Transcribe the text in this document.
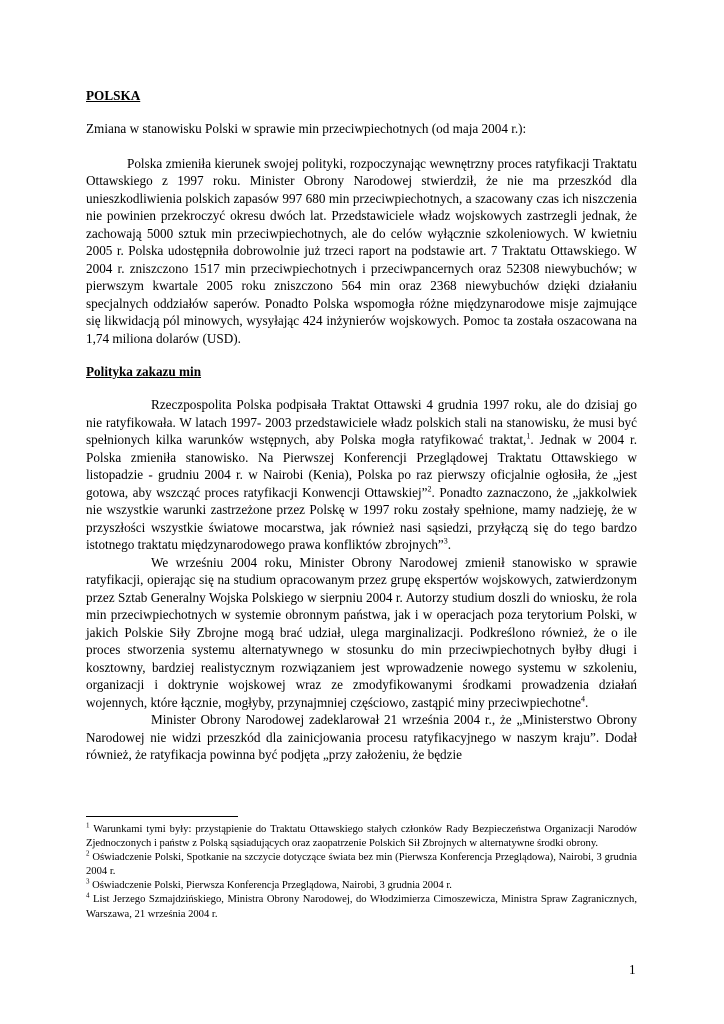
POLSKA

Zmiana w stanowisku Polski w sprawie min przeciwpiechotnych (od maja 2004 r.):

Polska zmieniła kierunek swojej polityki, rozpoczynając wewnętrzny proces ratyfikacji Traktatu Ottawskiego z 1997 roku. Minister Obrony Narodowej stwierdził, że nie ma przeszkód dla unieszkodliwienia polskich zapasów 997 680 min przeciwpiechotnych, a szacowany czas ich niszczenia nie powinien przekroczyć okresu dwóch lat. Przedstawiciele władz wojskowych zastrzegli jednak, że zachowają 5000 sztuk min przeciwpiechotnych, ale do celów wyłącznie szkoleniowych. W kwietniu 2005 r. Polska udostępniła dobrowolnie już trzeci raport na podstawie art. 7 Traktatu Ottawskiego. W 2004 r. zniszczono 1517 min przeciwpiechotnych i przeciwpancernych oraz 52308 niewybuchów; w pierwszym kwartale 2005 roku zniszczono 564 min oraz 2368 niewybuchów dzięki działaniu specjalnych oddziałów saperów. Ponadto Polska wspomogła różne międzynarodowe misje zajmujące się likwidacją pól minowych, wysyłając 424 inżynierów wojskowych. Pomoc ta została oszacowana na 1,74 miliona dolarów (USD).

Polityka zakazu min

Rzeczpospolita Polska podpisała Traktat Ottawski 4 grudnia 1997 roku, ale do dzisiaj go nie ratyfikowała. W latach 1997- 2003 przedstawiciele władz polskich stali na stanowisku, że musi być spełnionych kilka warunków wstępnych, aby Polska mogła ratyfikować traktat,$^1$. Jednak w 2004 r. Polska zmieniła stanowisko. Na Pierwszej Konferencji Przeglądowej Traktatu Ottawskiego w listopadzie - grudniu 2004 r. w Nairobi (Kenia), Polska po raz pierwszy oficjalnie ogłosiła, że „jest gotowa, aby wszcząć proces ratyfikacji Konwencji Ottawskiej”$^2$. Ponadto zaznaczono, że „jakkolwiek nie wszystkie warunki zastrzeżone przez Polskę w 1997 roku zostały spełnione, mamy nadzieję, że w przyszłości wszystkie światowe mocarstwa, jak również nasi sąsiedzi, przyłączą się do tego bardzo istotnego traktatu międzynarodowego prawa konfliktów zbrojnych”$^3$.

We wrześniu 2004 roku, Minister Obrony Narodowej zmienił stanowisko w sprawie ratyfikacji, opierając się na studium opracowanym przez grupę ekspertów wojskowych, zatwierdzonym przez Sztab Generalny Wojska Polskiego w sierpniu 2004 r. Autorzy studium doszli do wniosku, że rola min przeciwpiechotnych w systemie obronnym państwa, jak i w operacjach poza terytorium Polski, w jakich Polskie Siły Zbrojne mogą brać udział, ulega marginalizacji. Podkreślono również, że o ile proces stworzenia systemu alternatywnego w stosunku do min przeciwpiechotnych byłby długi i kosztowny, bardziej realistycznym rozwiązaniem jest wprowadzenie nowego systemu w szkoleniu, organizacji i doktrynie wojskowej wraz ze zmodyfikowanymi środkami prowadzenia działań wojennych, które łącznie, mogłyby, przynajmniej częściowo, zastąpić miny przeciwpiechotne$^4$.

Minister Obrony Narodowej zadeklarował 21 września 2004 r., że „Ministerstwo Obrony Narodowej nie widzi przeszkód dla zainicjowania procesu ratyfikacyjnego w naszym kraju”. Dodał również, że ratyfikacja powinna być podjęta „przy założeniu, że będzie

$^1$ Warunkami tymi były: przystąpienie do Traktatu Ottawskiego stałych członków Rady Bezpieczeństwa Organizacji Narodów Zjednoczonych i państw z Polską sąsiadujących oraz zaopatrzenie Polskich Sił Zbrojnych w alternatywne środki obrony.

$^2$ Oświadczenie Polski, Spotkanie na szczycie dotyczące świata bez min (Pierwsza Konferencja Przeglądowa), Nairobi, 3 grudnia 2004 r.

$^3$ Oświadczenie Polski, Pierwsza Konferencja Przeglądowa, Nairobi, 3 grudnia 2004 r.

$^4$ List Jerzego Szmajdzińskiego, Ministra Obrony Narodowej, do Włodzimierza Cimoszewicza, Ministra Spraw Zagranicznych, Warszawa, 21 września 2004 r.

1
